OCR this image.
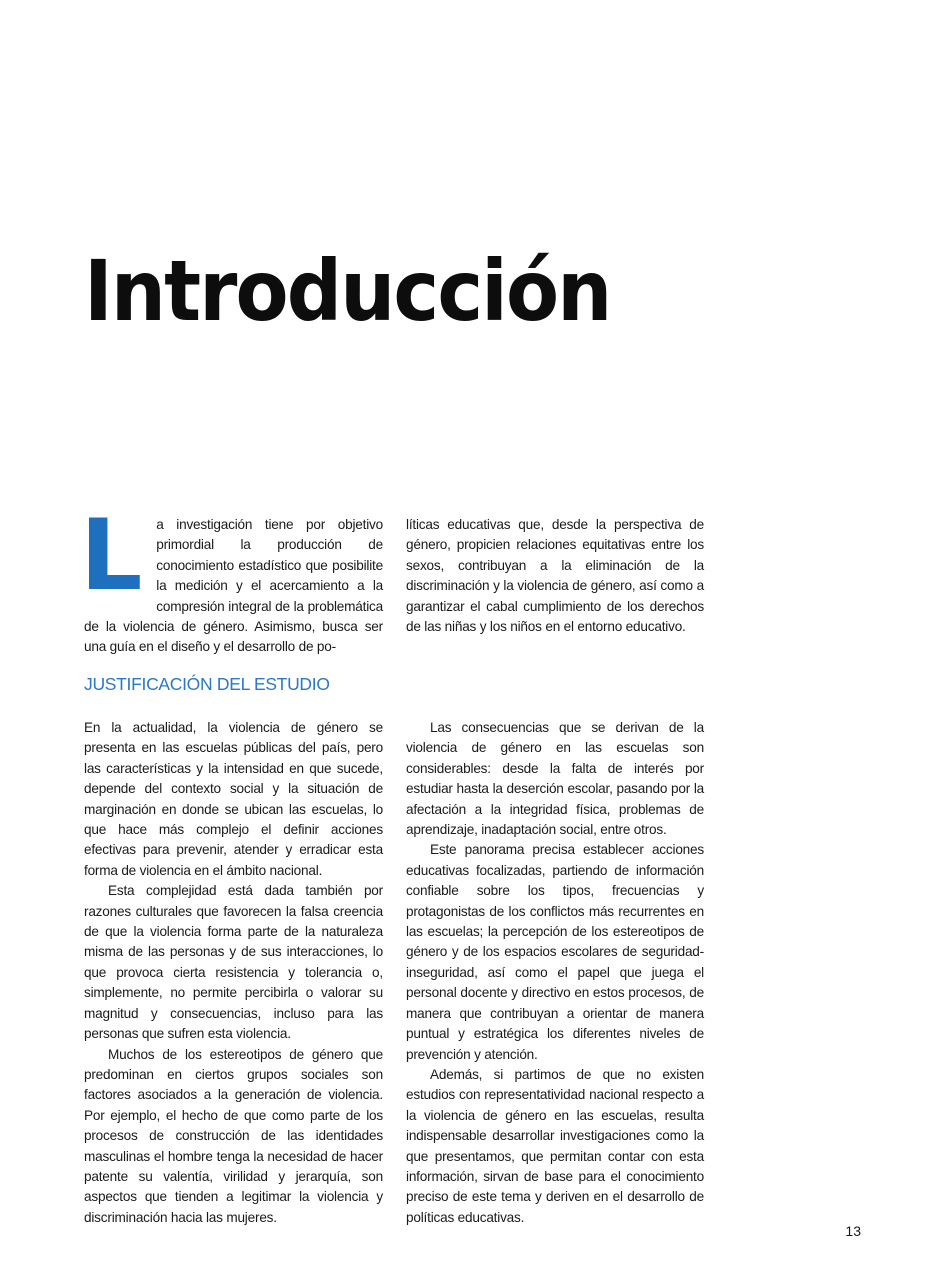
Introducción
L	a investigación tiene por objetivo primordial la producción de conocimiento estadístico que posibilite la medición y el acercamiento a la compresión integral de la problemática de la violencia de género. Asimismo, busca ser una guía en el diseño y el desarrollo de po-

líticas educativas que, desde la perspectiva de género, propicien relaciones equitativas entre los sexos, contribuyan a la eliminación de la discriminación y la violencia de género, así como a garantizar el cabal cumplimiento de los derechos de las niñas y los niños en el entorno educativo.

JUSTIFICACIÓN DEL ESTUDIO

En la actualidad, la violencia de género se presenta en las escuelas públicas del país, pero las características y la intensidad en que sucede, depende del contexto social y la situación de marginación en donde se ubican las escuelas, lo que hace más complejo el definir acciones efectivas para prevenir, atender y erradicar esta forma de violencia en el ámbito nacional.

Esta complejidad está dada también por razones culturales que favorecen la falsa creencia de que la violencia forma parte de la naturaleza misma de las personas y de sus interacciones, lo que provoca cierta resistencia y tolerancia o, simplemente, no permite percibirla o valorar su magnitud y consecuencias, incluso para las personas que sufren esta violencia.

Muchos de los estereotipos de género que predominan en ciertos grupos sociales son factores asociados a la generación de violencia. Por ejemplo, el hecho de que como parte de los procesos de construcción de las identidades masculinas el hombre tenga la necesidad de hacer patente su valentía, virilidad y jerarquía, son aspectos que tienden a legitimar la violencia y discriminación hacia las mujeres.

Las consecuencias que se derivan de la violencia de género en las escuelas son considerables: desde la falta de interés por estudiar hasta la deserción escolar, pasando por la afectación a la integridad física, problemas de aprendizaje, inadaptación social, entre otros.

Este panorama precisa establecer acciones educativas focalizadas, partiendo de información confiable sobre los tipos, frecuencias y protagonistas de los conflictos más recurrentes en las escuelas; la percepción de los estereotipos de género y de los espacios escolares de seguridad-inseguridad, así como el papel que juega el personal docente y directivo en estos procesos, de manera que contribuyan a orientar de manera puntual y estratégica los diferentes niveles de prevención y atención.

Además, si partimos de que no existen estudios con representatividad nacional respecto a la violencia de género en las escuelas, resulta indispensable desarrollar investigaciones como la que presentamos, que permitan contar con esta información, sirvan de base para el conocimiento preciso de este tema y deriven en el desarrollo de políticas educativas.

13
